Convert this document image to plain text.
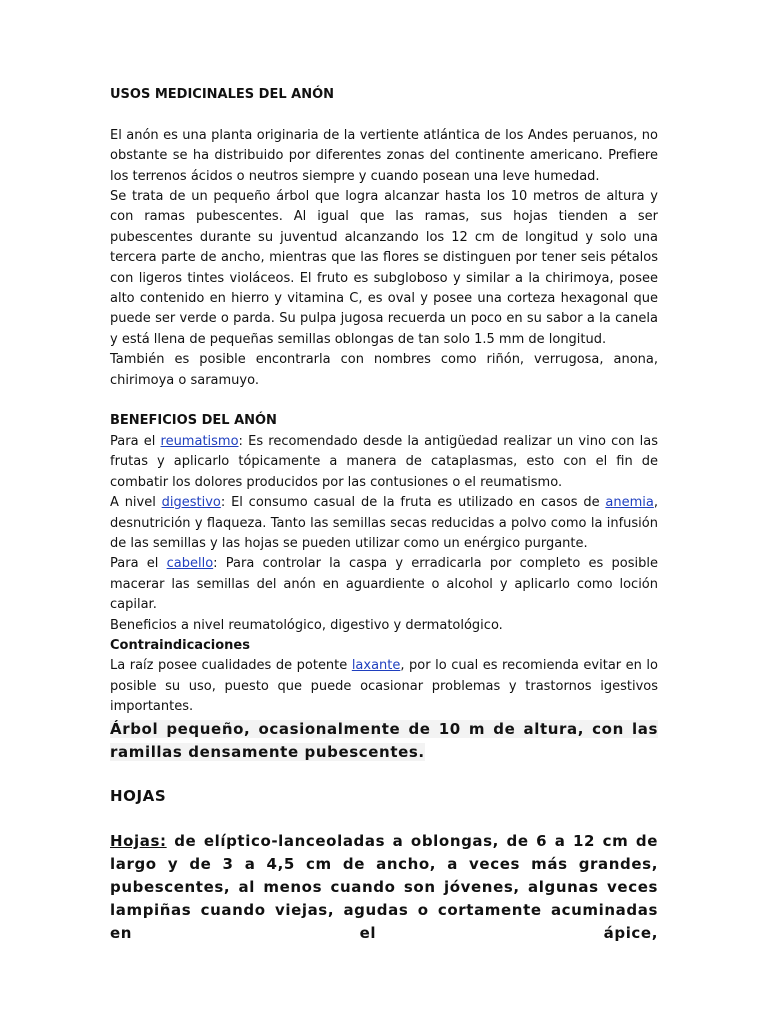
USOS MEDICINALES DEL ANÓN

El anón es una planta originaria de la vertiente atlántica de los Andes peruanos, no obstante se ha distribuido por diferentes zonas del continente americano. Prefiere los terrenos ácidos o neutros siempre y cuando posean una leve humedad.

Se trata de un pequeño árbol que logra alcanzar hasta los 10 metros de altura y con ramas pubescentes. Al igual que las ramas, sus hojas tienden a ser pubescentes durante su juventud alcanzando los 12 cm de longitud y solo una tercera parte de ancho, mientras que las flores se distinguen por tener seis pétalos con ligeros tintes violáceos. El fruto es subgloboso y similar a la chirimoya, posee alto contenido en hierro y vitamina C, es oval y posee una corteza hexagonal que puede ser verde o parda. Su pulpa jugosa recuerda un poco en su sabor a la canela y está llena de pequeñas semillas oblongas de tan solo 1.5 mm de longitud.

También es posible encontrarla con nombres como riñón, verrugosa, anona, chirimoya o saramuyo.

BENEFICIOS DEL ANÓN

Para el reumatismo: Es recomendado desde la antigüedad realizar un vino con las frutas y aplicarlo tópicamente a manera de cataplasmas, esto con el fin de combatir los dolores producidos por las contusiones o el reumatismo.

A nivel digestivo: El consumo casual de la fruta es utilizado en casos de anemia, desnutrición y flaqueza. Tanto las semillas secas reducidas a polvo como la infusión de las semillas y las hojas se pueden utilizar como un enérgico purgante.

Para el cabello: Para controlar la caspa y erradicarla por completo es posible macerar las semillas del anón en aguardiente o alcohol y aplicarlo como loción capilar.

Beneficios a nivel reumatológico, digestivo y dermatológico.

Contraindicaciones

La raíz posee cualidades de potente laxante, por lo cual es recomienda evitar en lo posible su uso, puesto que puede ocasionar problemas y trastornos igestivos importantes.

Árbol pequeño, ocasionalmente de 10 m de altura, con las ramillas densamente pubescentes.

HOJAS

Hojas: de elíptico-lanceoladas a oblongas, de 6 a 12 cm de largo y de 3 a 4,5 cm de ancho, a veces más grandes, pubescentes, al menos cuando son jóvenes, algunas veces lampiñas cuando viejas, agudas o cortamente acuminadas en el ápice,
